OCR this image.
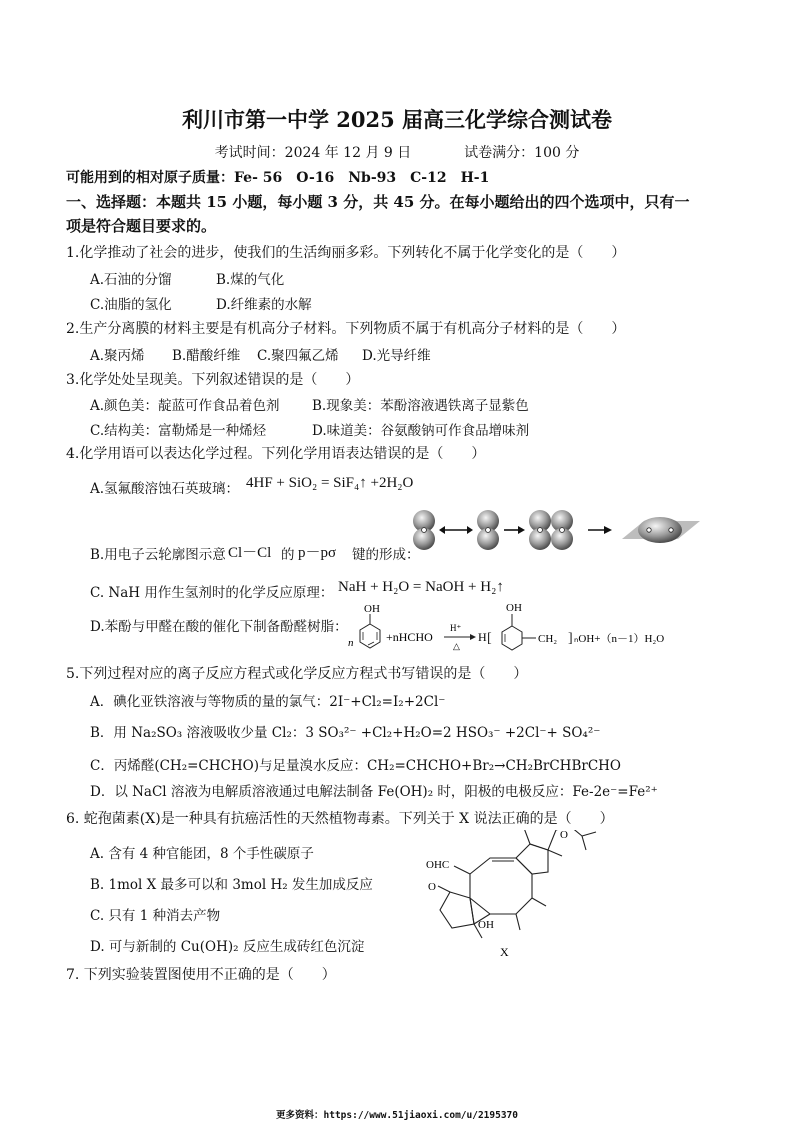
利川市第一中学 2025 届高三化学综合测试卷
考试时间：2024 年 12 月 9 日	试卷满分：100 分
可能用到的相对原子质量：Fe- 56　O-16　Nb-93　C-12　H-1
一、选择题：本题共 15 小题，每小题 3 分，共 45 分。在每小题给出的四个选项中，只有一
项是符合题目要求的。
1.化学推动了社会的进步，使我们的生活绚丽多彩。下列转化不属于化学变化的是（　　）
A.石油的分馏	B.煤的气化
C.油脂的氢化	D.纤维素的水解
2.生产分离膜的材料主要是有机高分子材料。下列物质不属于有机高分子材料的是（　　）
A.聚丙烯 B.醋酸纤维 C.聚四氟乙烯 D.光导纤维
3.化学处处呈现美。下列叙述错误的是（　　）
A.颜色美：靛蓝可作食品着色剂 B.现象美：苯酚溶液遇铁离子显紫色
C.结构美：富勒烯是一种烯烃	D.味道美：谷氨酸钠可作食品增味剂
4.化学用语可以表达化学过程。下列化学用语表达错误的是（　　）
A.氢氟酸溶蚀石英玻璃： 4HF + SiO₂ = SiF₄↑ +2H₂O
B.用电子云轮廓图示意 Cl－Cl 的 p－pσ 键的形成：
C. NaH 用作生氢剂时的化学反应原理： NaH + H₂O = NaOH + H₂↑
D.苯酚与甲醛在酸的催化下制备酚醛树脂：
OH
n	+nHCHO
H⁺
△
H [
OH
CH₂ ] ₙOH+（n－1）H₂O
5.下列过程对应的离子反应方程式或化学反应方程式书写错误的是（　　）
A．碘化亚铁溶液与等物质的量的氯气：2I⁻+Cl₂=I₂+2Cl⁻
B．用 Na₂SO₃ 溶液吸收少量 Cl₂：3 SO₃²⁻ +Cl₂+H₂O=2 HSO₃⁻ +2Cl⁻+ SO₄²⁻
C．丙烯醛(CH₂=CHCHO)与足量溴水反应：CH₂=CHCHO+Br₂→CH₂BrCHBrCHO
D．以 NaCl 溶液为电解质溶液通过电解法制备 Fe(OH)₂ 时，阳极的电极反应：Fe-2e⁻=Fe²⁺
6. 蛇孢菌素(X)是一种具有抗癌活性的天然植物毒素。下列关于 X 说法正确的是（　　）
A. 含有 4 种官能团，8 个手性碳原子
B. 1mol X 最多可以和 3mol H₂ 发生加成反应
C. 只有 1 种消去产物
D. 可与新制的 Cu(OH)₂ 反应生成砖红色沉淀
OHC
O
OH
O
X
7. 下列实验装置图使用不正确的是（　　）
更多资料：https://www.51jiaoxi.com/u/2195370
